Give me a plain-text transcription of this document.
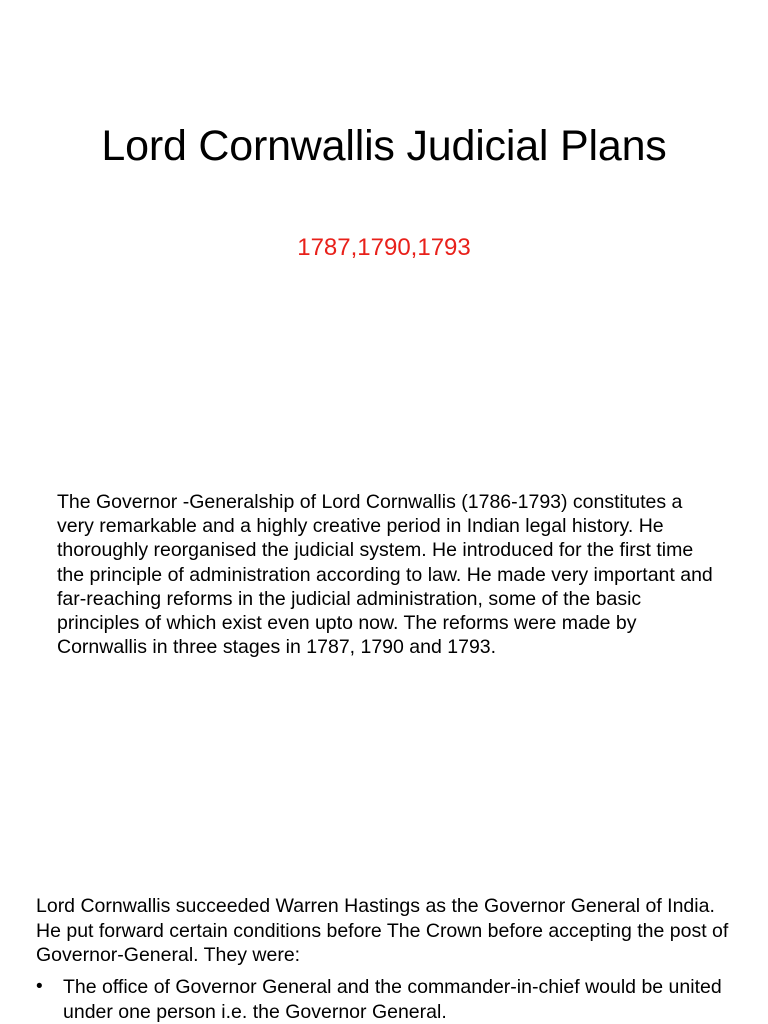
Lord Cornwallis Judicial Plans
1787,1790,1793

The Governor -Generalship of Lord Cornwallis (1786-1793) constitutes a very remarkable and a highly creative period in Indian legal history. He thoroughly reorganised the judicial system. He introduced for the first time the principle of administration according to law. He made very important and far-reaching reforms in the judicial administration, some of the basic principles of which exist even upto now. The reforms were made by Cornwallis in three stages in 1787, 1790 and 1793.

Lord Cornwallis succeeded Warren Hastings as the Governor General of India. He put forward certain conditions before The Crown before accepting the post of Governor-General. They were:

• The office of Governor General and the commander-in-chief would be united under one person i.e. the Governor General.
